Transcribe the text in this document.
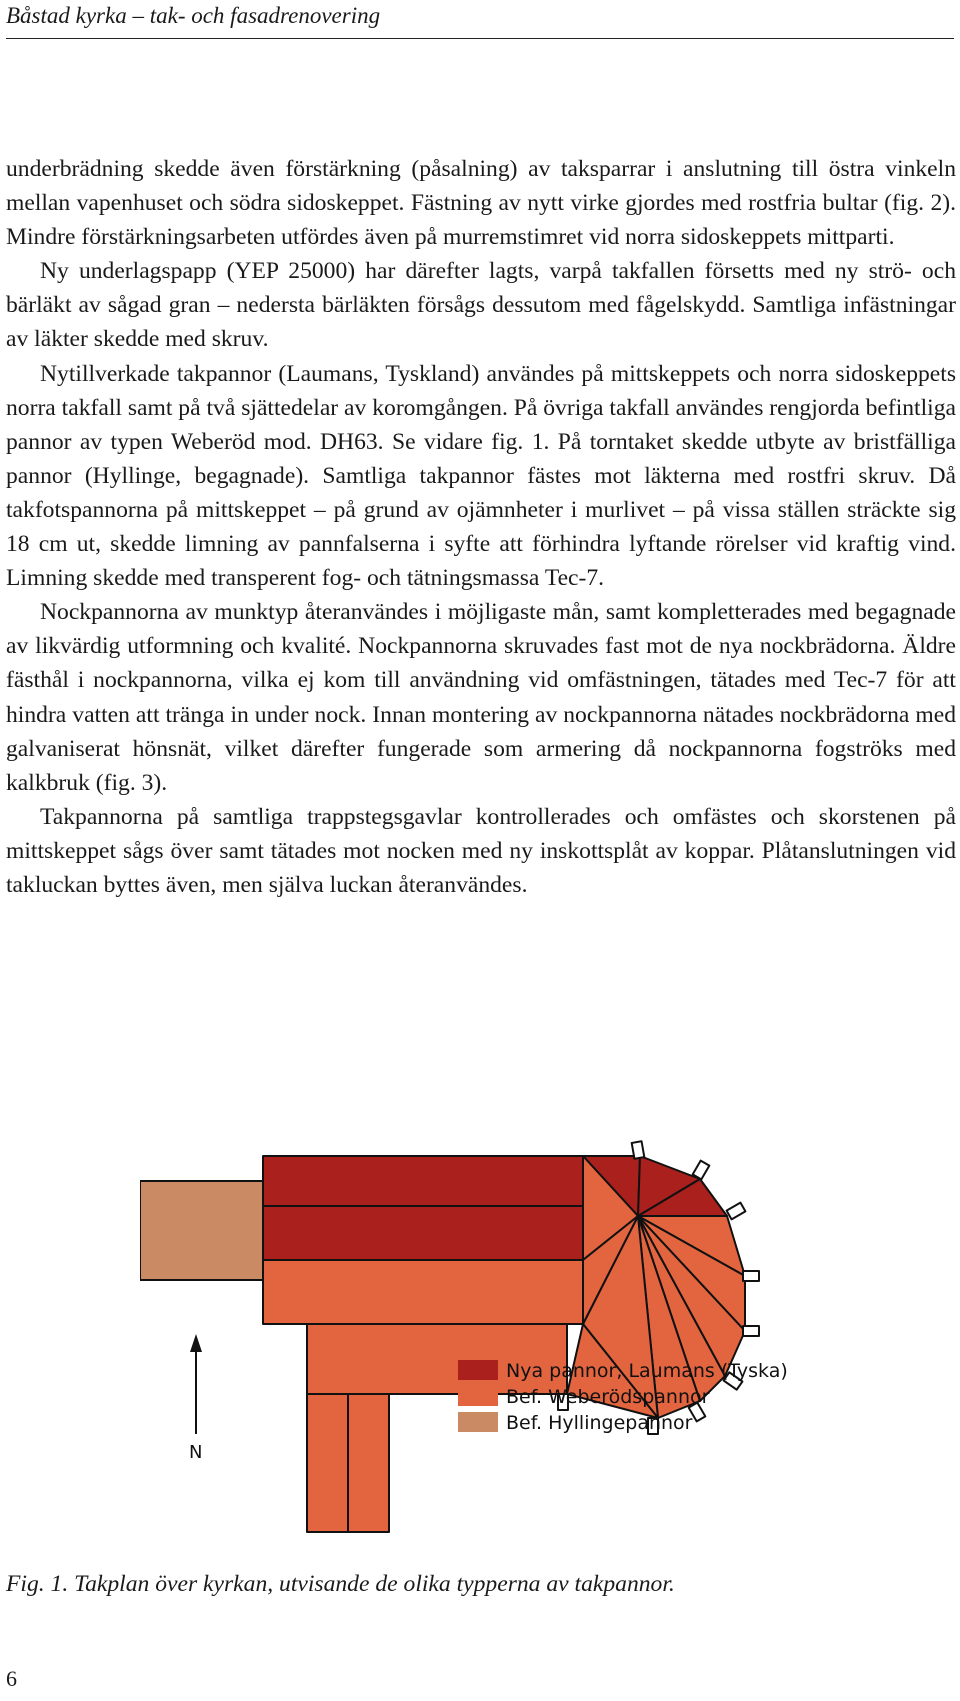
Båstad kyrka – tak- och fasadrenovering

underbrädning skedde även förstärkning (påsalning) av taksparrar i anslutning till östra vinkeln mellan vapenhuset och södra sidoskeppet. Fästning av nytt virke gjordes med rostfria bultar (fig. 2). Mindre förstärkningsarbeten utfördes även på murremstimret vid norra sidoskeppets mittparti.

Ny underlagspapp (YEP 25000) har därefter lagts, varpå takfallen försetts med ny strö- och bärläkt av sågad gran – nedersta bärläkten försågs dessutom med fågelskydd. Samtliga infästningar av läkter skedde med skruv.

Nytillverkade takpannor (Laumans, Tyskland) användes på mittskeppets och norra sidoskeppets norra takfall samt på två sjättedelar av koromgången. På övriga takfall användes rengjorda befintliga pannor av typen Weberöd mod. DH63. Se vidare fig. 1. På torntaket skedde utbyte av bristfälliga pannor (Hyllinge, begagnade). Samtliga takpannor fästes mot läkterna med rostfri skruv. Då takfotspannorna på mittskeppet – på grund av ojämnheter i murlivet – på vissa ställen sträckte sig 18 cm ut, skedde limning av pannfalserna i syfte att förhindra lyftande rörelser vid kraftig vind. Limning skedde med transperent fog- och tätningsmassa Tec-7.

Nockpannorna av munktyp återanvändes i möjligaste mån, samt kompletterades med begagnade av likvärdig utformning och kvalité. Nockpannorna skruvades fast mot de nya nockbrädorna. Äldre fästhål i nockpannorna, vilka ej kom till användning vid omfästningen, tätades med Tec-7 för att hindra vatten att tränga in under nock. Innan montering av nockpannorna nätades nockbrädorna med galvaniserat hönsnät, vilket därefter fungerade som armering då nockpannorna fogströks med kalkbruk (fig. 3).

Takpannorna på samtliga trappstegsgavlar kontrollerades och omfästes och skorstenen på mittskeppet sågs över samt tätades mot nocken med ny inskottsplåt av koppar. Plåtanslutningen vid takluckan byttes även, men själva luckan återanvändes.

N
Nya pannor, Laumans (Tyska)
Bef. Weberödspannor
Bef. Hyllingepannor
Fig. 1. Takplan över kyrkan, utvisande de olika typperna av takpannor.
6
